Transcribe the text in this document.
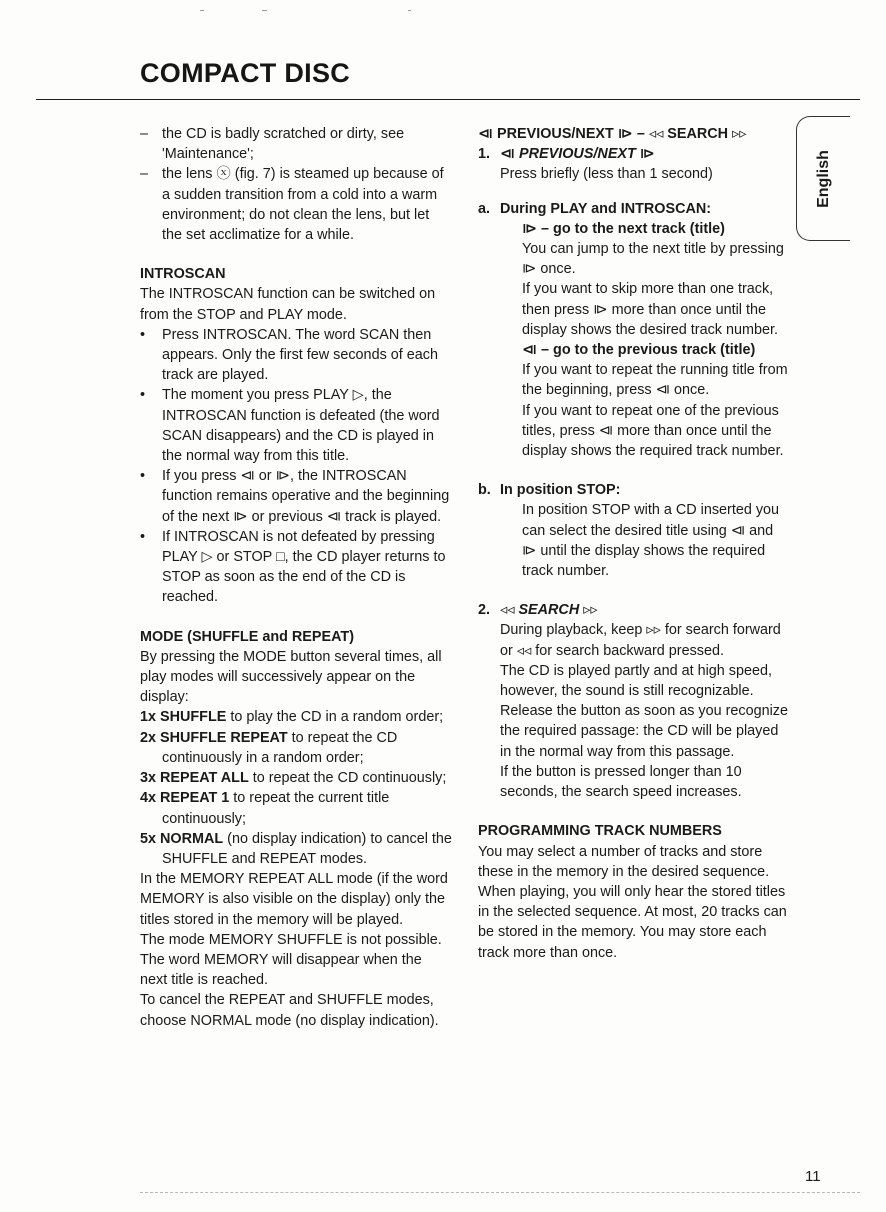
COMPACT DISC
English
– the CD is badly scratched or dirty, see 'Maintenance';
– the lens ⓧ (fig. 7) is steamed up because of a sudden transition from a cold into a warm environment; do not clean the lens, but let the set acclimatize for a while.

INTROSCAN

The INTROSCAN function can be switched on from the STOP and PLAY mode.

•	Press INTROSCAN. The word SCAN then appears. Only the first few seconds of each track are played.
•	The moment you press PLAY ▷, the INTROSCAN function is defeated (the word SCAN disappears) and the CD is played in the normal way from this title.
•	If you press ⧏ or ⧐, the INTROSCAN function remains operative and the beginning of the next ⧐ or previous ⧏ track is played.
•	If INTROSCAN is not defeated by pressing PLAY ▷ or STOP □, the CD player returns to STOP as soon as the end of the CD is reached.

MODE (SHUFFLE and REPEAT)

By pressing the MODE button several times, all play modes will successively appear on the display:

1x SHUFFLE to play the CD in a random order;

2x SHUFFLE REPEAT to repeat the CD continuously in a random order;

3x REPEAT ALL to repeat the CD continuously;

4x REPEAT 1 to repeat the current title continuously;

5x NORMAL (no display indication) to cancel the SHUFFLE and REPEAT modes.

In the MEMORY REPEAT ALL mode (if the word MEMORY is also visible on the display) only the titles stored in the memory will be played.

The mode MEMORY SHUFFLE is not possible. The word MEMORY will disappear when the next title is reached.

To cancel the REPEAT and SHUFFLE modes, choose NORMAL mode (no display indication).

⧏ PREVIOUS/NEXT ⧐ – ◃◃ SEARCH ▹▹

1. ⧏ PREVIOUS/NEXT ⧐

Press briefly (less than 1 second)

a. During PLAY and INTROSCAN:

⧐ – go to the next track (title)

You can jump to the next title by pressing ⧐ once.

If you want to skip more than one track, then press ⧐ more than once until the display shows the desired track number.

⧏ – go to the previous track (title)

If you want to repeat the running title from the beginning, press ⧏ once.

If you want to repeat one of the previous titles, press ⧏ more than once until the display shows the required track number.

b. In position STOP:

In position STOP with a CD inserted you can select the desired title using ⧏ and ⧐ until the display shows the required track number.

2. ◃◃ SEARCH ▹▹

During playback, keep ▹▹ for search forward or ◃◃ for search backward pressed.

The CD is played partly and at high speed, however, the sound is still recognizable.

Release the button as soon as you recognize the required passage: the CD will be played in the normal way from this passage.

If the button is pressed longer than 10 seconds, the search speed increases.

PROGRAMMING TRACK NUMBERS

You may select a number of tracks and store these in the memory in the desired sequence. When playing, you will only hear the stored titles in the selected sequence. At most, 20 tracks can be stored in the memory. You may store each track more than once.

11
